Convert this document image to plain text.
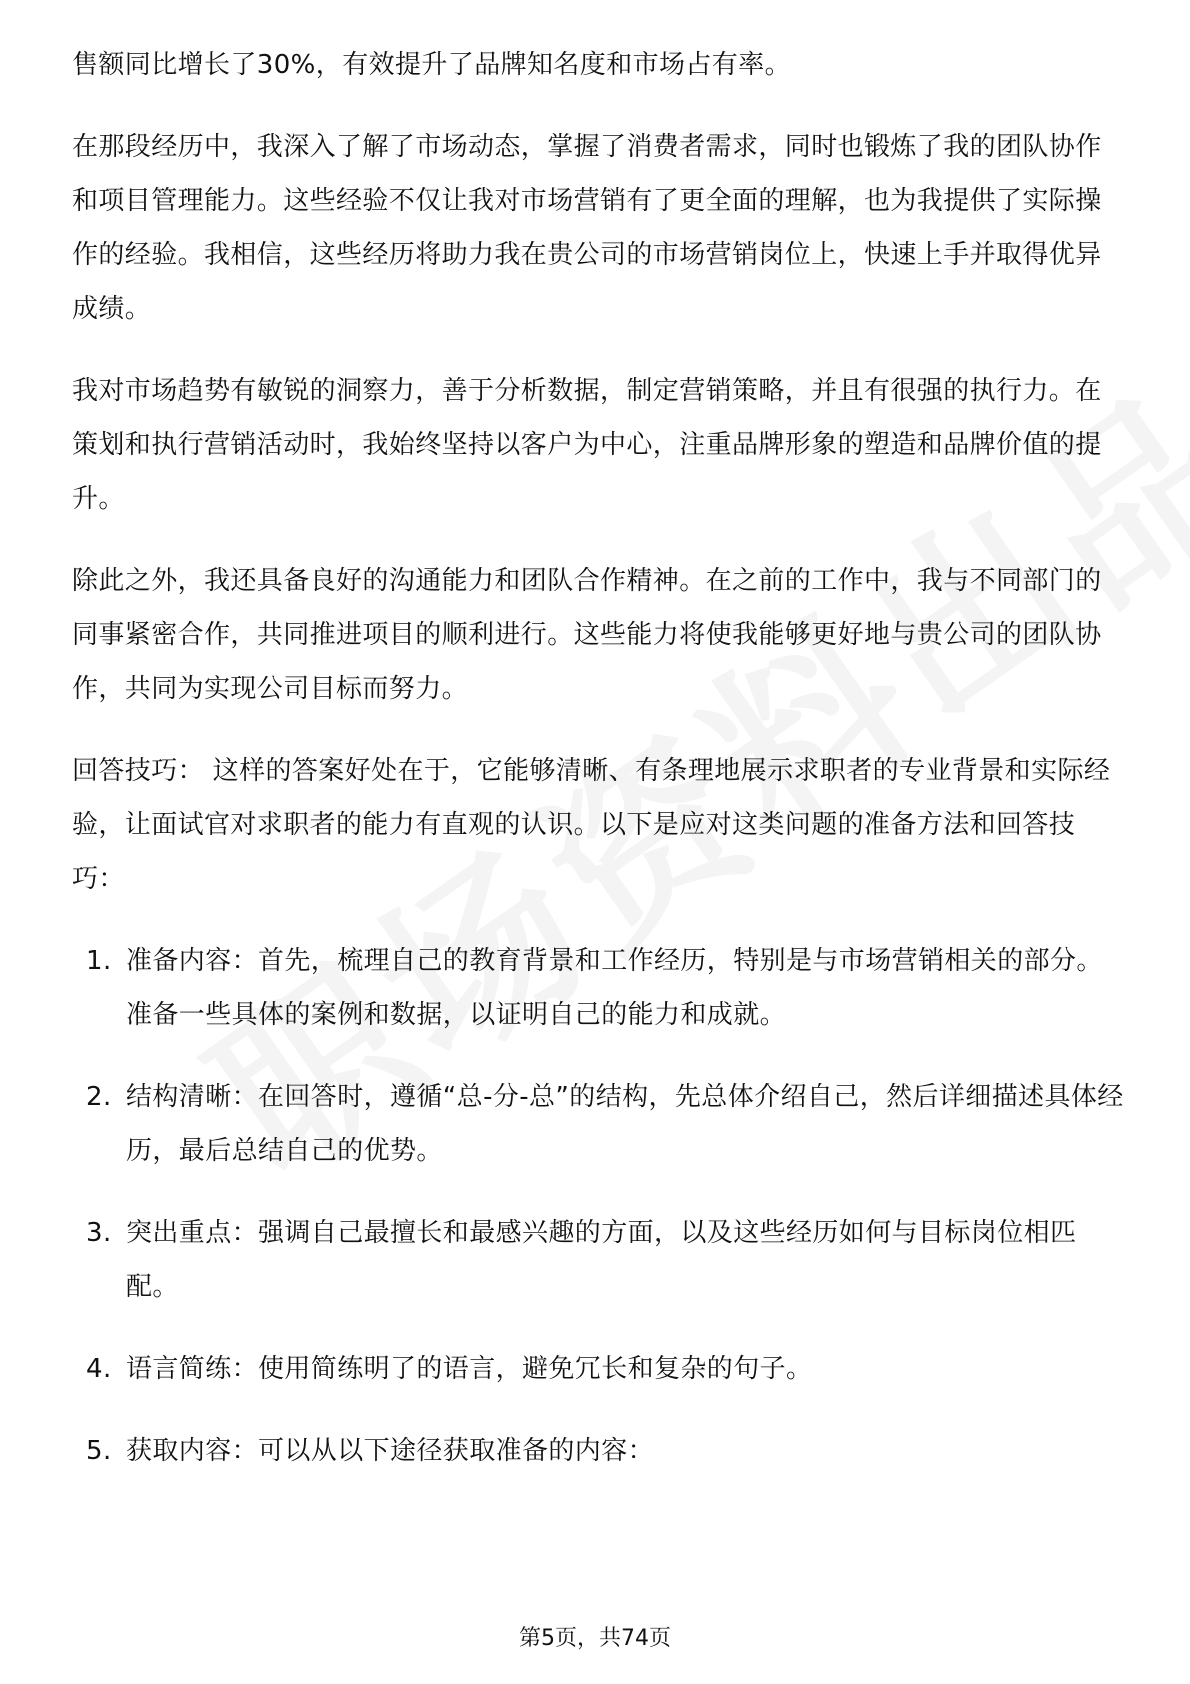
售额同比增长了30%，有效提升了品牌知名度和市场占有率。

在那段经历中，我深入了解了市场动态，掌握了消费者需求，同时也锻炼了我的团队协作和项目管理能力。这些经验不仅让我对市场营销有了更全面的理解，也为我提供了实际操作的经验。我相信，这些经历将助力我在贵公司的市场营销岗位上，快速上手并取得优异成绩。

我对市场趋势有敏锐的洞察力，善于分析数据，制定营销策略，并且有很强的执行力。在策划和执行营销活动时，我始终坚持以客户为中心，注重品牌形象的塑造和品牌价值的提升。

除此之外，我还具备良好的沟通能力和团队合作精神。在之前的工作中，我与不同部门的同事紧密合作，共同推进项目的顺利进行。这些能力将使我能够更好地与贵公司的团队协作，共同为实现公司目标而努力。

回答技巧： 这样的答案好处在于，它能够清晰、有条理地展示求职者的专业背景和实际经验，让面试官对求职者的能力有直观的认识。以下是应对这类问题的准备方法和回答技巧：

1. 准备内容：首先，梳理自己的教育背景和工作经历，特别是与市场营销相关的部分。准备一些具体的案例和数据，以证明自己的能力和成就。
2. 结构清晰：在回答时，遵循“总-分-总”的结构，先总体介绍自己，然后详细描述具体经历，最后总结自己的优势。
3. 突出重点：强调自己最擅长和最感兴趣的方面，以及这些经历如何与目标岗位相匹配。
4. 语言简练：使用简练明了的语言，避免冗长和复杂的句子。
5. 获取内容：可以从以下途径获取准备的内容：
第5页，共74页
